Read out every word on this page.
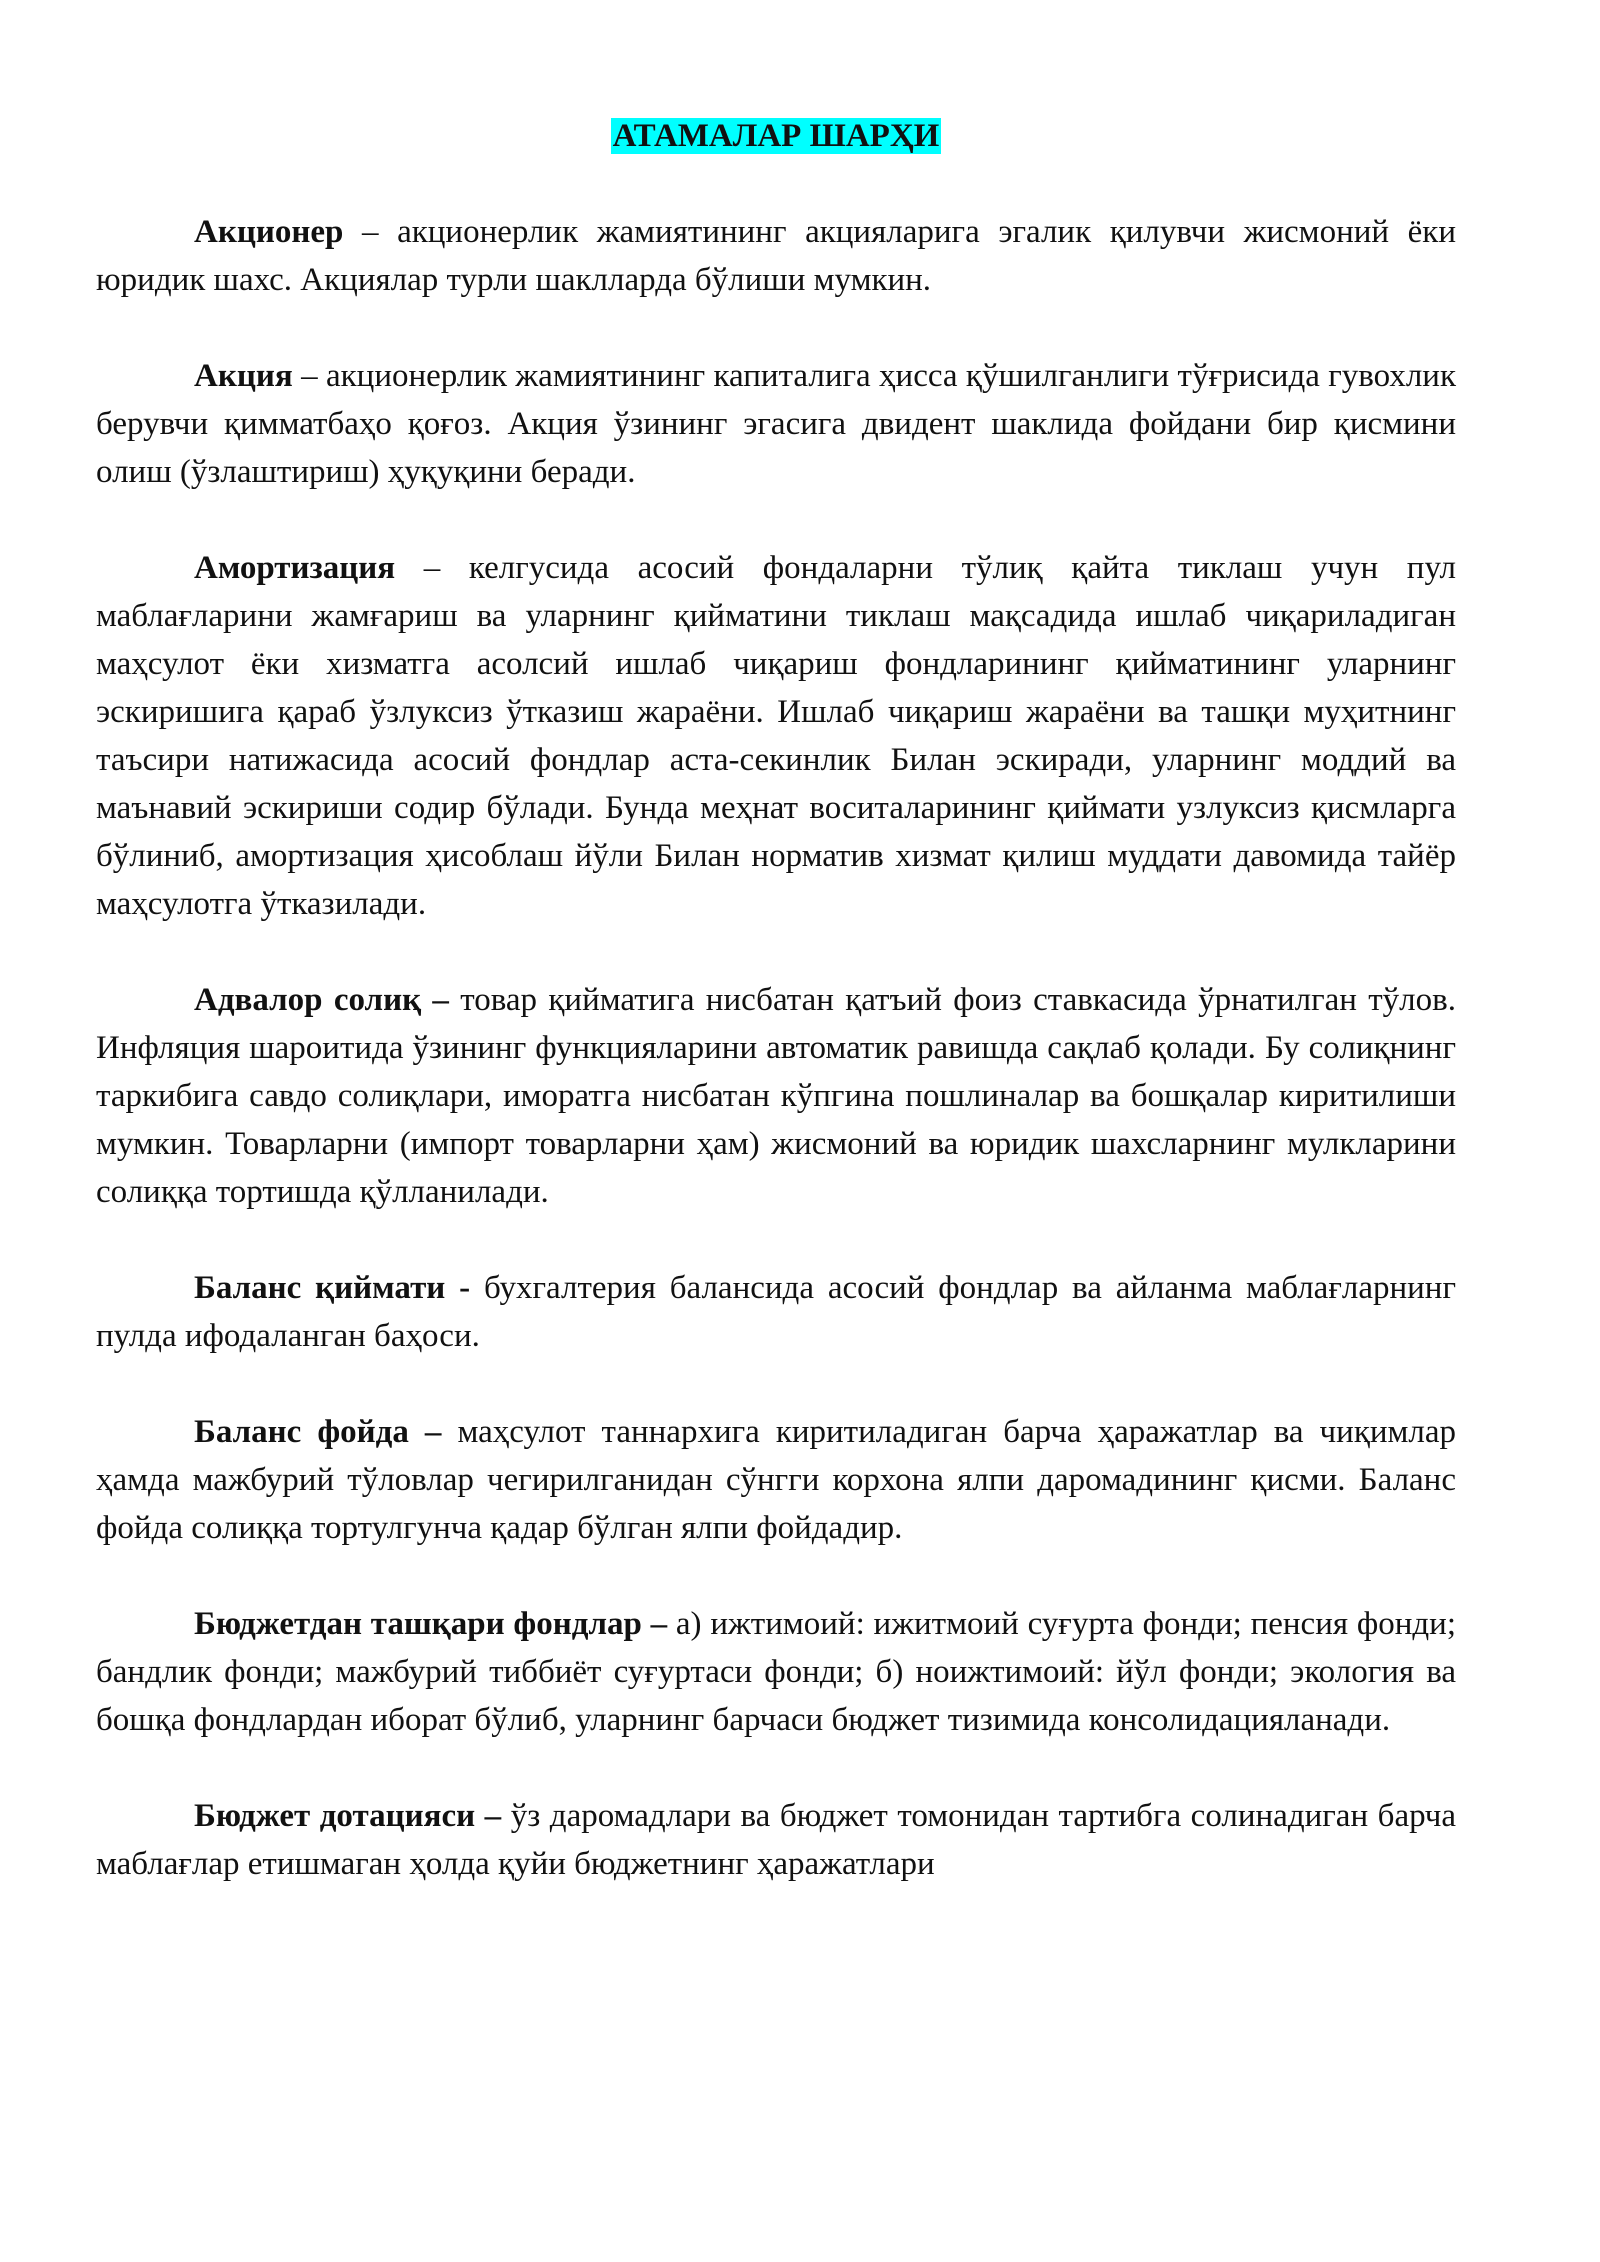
АТАМАЛАР ШАРҲИ

Акционер – акционерлик жамиятининг акцияларига эгалик қилувчи жисмоний ёки юридик шахс. Акциялар турли шаклларда бўлиши мумкин.

Акция – акционерлик жамиятининг капиталига ҳисса қўшилганлиги тўғрисида гувохлик берувчи қимматбаҳо қоғоз. Акция ўзининг эгасига двидент шаклида фойдани бир қисмини олиш (ўзлаштириш) ҳуқуқини беради.

Амортизация – келгусида асосий фондаларни тўлиқ қайта тиклаш учун пул маблағларини жамғариш ва уларнинг қийматини тиклаш мақсадида ишлаб чиқариладиган маҳсулот ёки хизматга асолсий ишлаб чиқариш фондларининг қийматининг уларнинг эскиришига қараб ўзлуксиз ўтказиш жараёни. Ишлаб чиқариш жараёни ва ташқи муҳитнинг таъсири натижасида асосий фондлар аста-секинлик Билан эскиради, уларнинг моддий ва маънавий эскириши содир бўлади. Бунда меҳнат воситаларининг қиймати узлуксиз қисмларга бўлиниб, амортизация ҳисоблаш йўли Билан норматив хизмат қилиш муддати давомида тайёр маҳсулотга ўтказилади.

Адвалор солиқ – товар қийматига нисбатан қатъий фоиз ставкасида ўрнатилган тўлов. Инфляция шароитида ўзининг функцияларини автоматик равишда сақлаб қолади. Бу солиқнинг таркибига савдо солиқлари, иморатга нисбатан кўпгина пошлиналар ва бошқалар киритилиши мумкин. Товарларни (импорт товарларни ҳам) жисмоний ва юридик шахсларнинг мулкларини солиққа тортишда қўлланилади.

Баланс қиймати - бухгалтерия балансида асосий фондлар ва айланма маблағларнинг пулда ифодаланган баҳоси.

Баланс фойда – маҳсулот таннархига киритиладиган барча ҳаражатлар ва чиқимлар ҳамда мажбурий тўловлар чегирилганидан сўнгги корхона ялпи даромадининг қисми. Баланс фойда солиққа тортулгунча қадар бўлган ялпи фойдадир.

Бюджетдан ташқари фондлар – а) ижтимоий: ижитмоий суғурта фонди; пенсия фонди; бандлик фонди; мажбурий тиббиёт суғуртаси фонди; б) ноижтимоий: йўл фонди; экология ва бошқа фондлардан иборат бўлиб, уларнинг барчаси бюджет тизимида консолидацияланади.

Бюджет дотацияси – ўз даромадлари ва бюджет томонидан тартибга солинадиган барча маблағлар етишмаган ҳолда қуйи бюджетнинг ҳаражатлари
